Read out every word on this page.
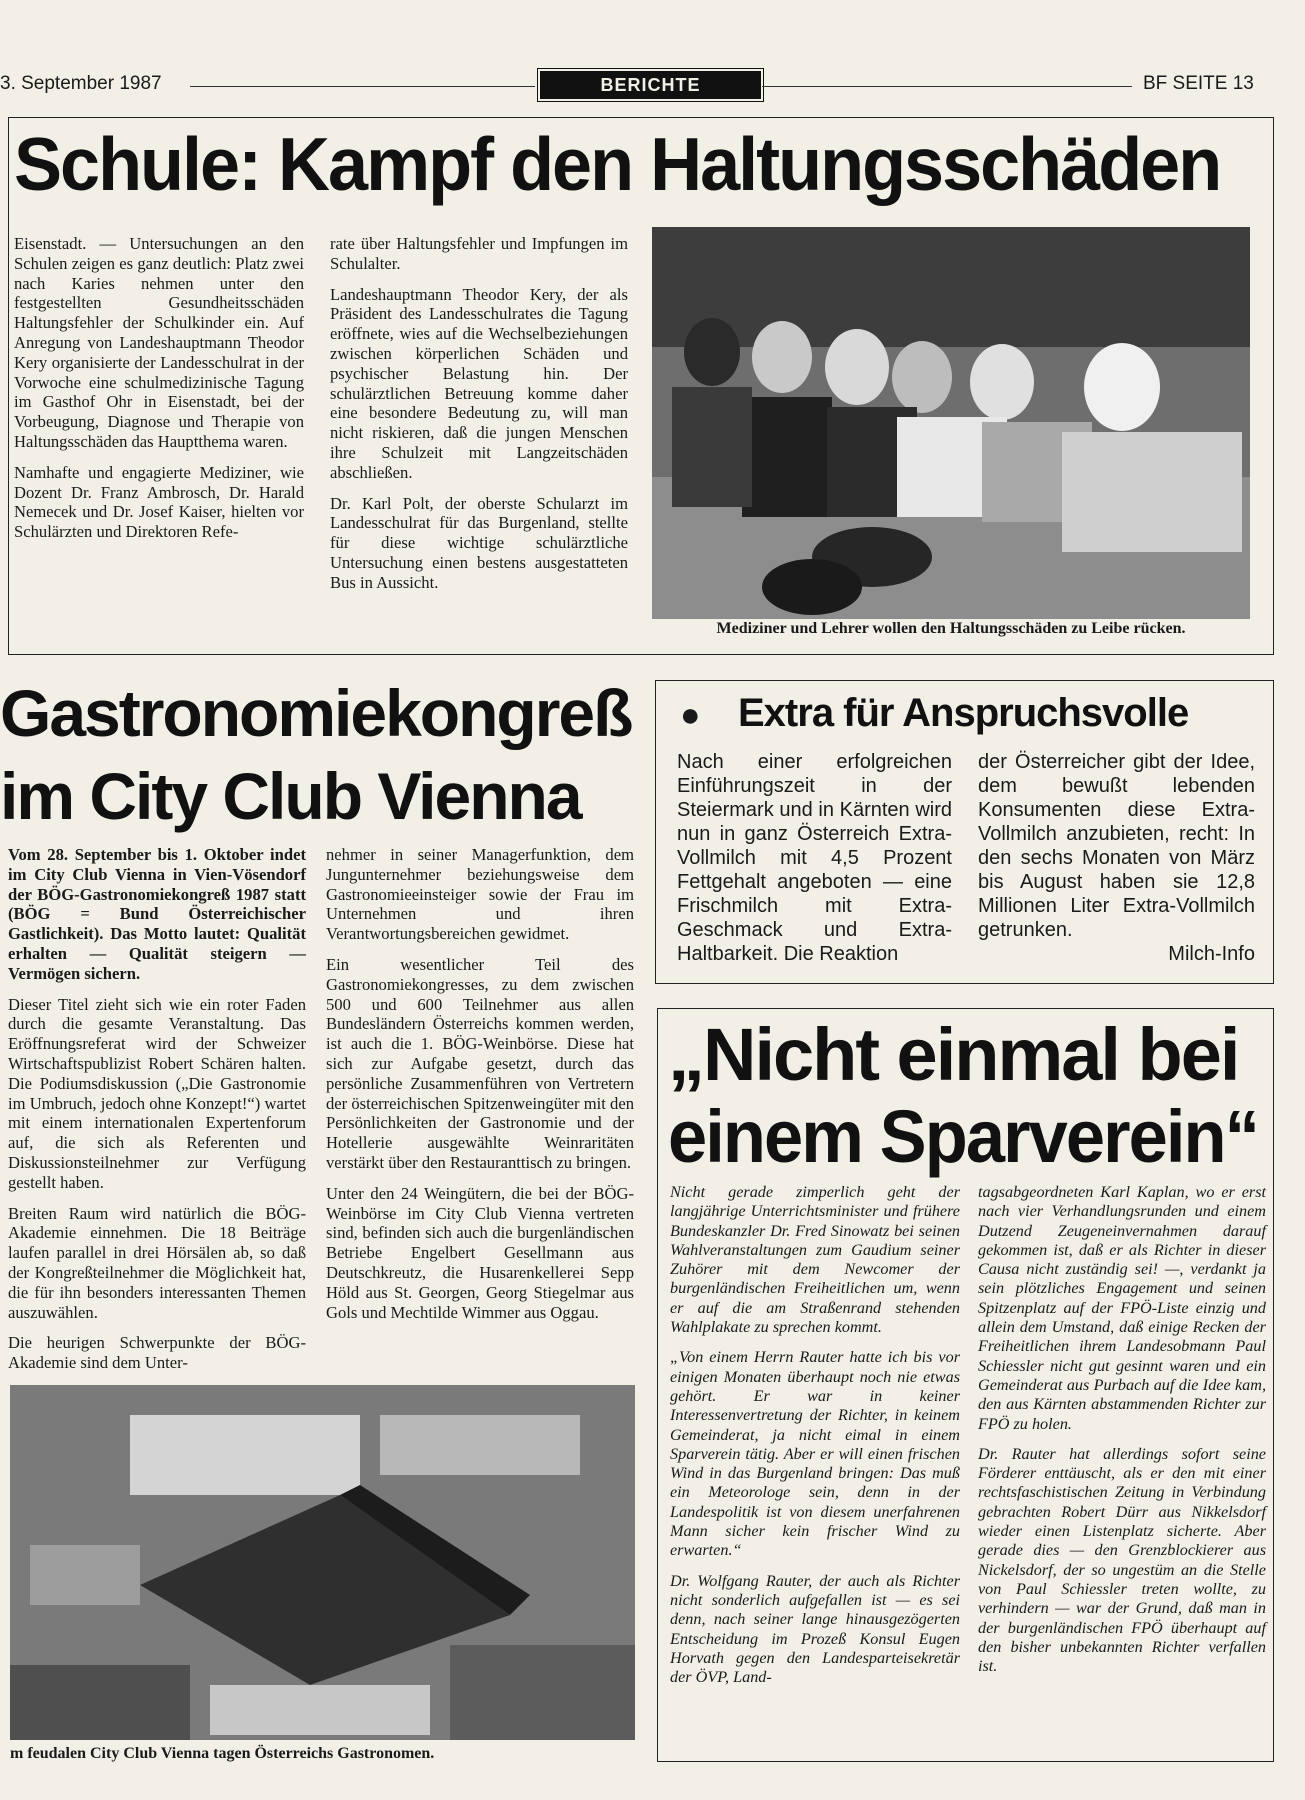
3. September 1987	BERICHTE	BF SEITE 13
Schule: Kampf den Haltungsschäden

Eisenstadt. — Untersuchungen an den Schulen zeigen es ganz deutlich: Platz zwei nach Karies nehmen unter den festgestellten Gesundheitsschäden Haltungsfehler der Schulkinder ein. Auf Anregung von Landeshauptmann Theodor Kery organisierte der Landesschulrat in der Vorwoche eine schulmedizinische Tagung im Gasthof Ohr in Eisenstadt, bei der Vorbeugung, Diagnose und Therapie von Haltungsschäden das Hauptthema waren.

Namhafte und engagierte Mediziner, wie Dozent Dr. Franz Ambrosch, Dr. Harald Nemecek und Dr. Josef Kaiser, hielten vor Schulärzten und Direktoren Refe-

rate über Haltungsfehler und Impfungen im Schulalter.

Landeshauptmann Theodor Kery, der als Präsident des Landesschulrates die Tagung eröffnete, wies auf die Wechselbeziehungen zwischen körperlichen Schäden und psychischer Belastung hin. Der schulärztlichen Betreuung komme daher eine besondere Bedeutung zu, will man nicht riskieren, daß die jungen Menschen ihre Schulzeit mit Langzeitschäden abschließen.

Dr. Karl Polt, der oberste Schularzt im Landesschulrat für das Burgenland, stellte für diese wichtige schulärztliche Untersuchung einen bestens ausgestatteten Bus in Aussicht.

Mediziner und Lehrer wollen den Haltungsschäden zu Leibe rücken.
Gastronomiekongreß
im City Club Vienna

Vom 28. September bis 1. Oktober indet im City Club Vienna in Vien-Vösendorf der BÖG-Gastronomiekongreß 1987 statt (BÖG = Bund Österreichischer Gastlichkeit). Das Motto lautet: Qualität erhalten — Qualität steigern — Vermögen sichern.

Dieser Titel zieht sich wie ein roter Faden durch die gesamte Veranstaltung. Das Eröffnungsreferat wird der Schweizer Wirtschaftspublizist Robert Schären halten. Die Podiumsdiskussion („Die Gastronomie im Umbruch, jedoch ohne Konzept!“) wartet mit einem internationalen Expertenforum auf, die sich als Referenten und Diskussionsteilnehmer zur Verfügung gestellt haben.

Breiten Raum wird natürlich die BÖG-Akademie einnehmen. Die 18 Beiträge laufen parallel in drei Hörsälen ab, so daß der Kongreßteilnehmer die Möglichkeit hat, die für ihn besonders interessanten Themen auszuwählen.

Die heurigen Schwerpunkte der BÖG-Akademie sind dem Unter-

nehmer in seiner Managerfunktion, dem Jungunternehmer beziehungsweise dem Gastronomieeinsteiger sowie der Frau im Unternehmen und ihren Verantwortungsbereichen gewidmet.

Ein wesentlicher Teil des Gastronomiekongresses, zu dem zwischen 500 und 600 Teilnehmer aus allen Bundesländern Österreichs kommen werden, ist auch die 1. BÖG-Weinbörse. Diese hat sich zur Aufgabe gesetzt, durch das persönliche Zusammenführen von Vertretern der österreichischen Spitzenweingüter mit den Persönlichkeiten der Gastronomie und der Hotellerie ausgewählte Weinraritäten verstärkt über den Restauranttisch zu bringen.

Unter den 24 Weingütern, die bei der BÖG-Weinbörse im City Club Vienna vertreten sind, befinden sich auch die burgenländischen Betriebe Engelbert Gesellmann aus Deutschkreutz, die Husarenkellerei Sepp Höld aus St. Georgen, Georg Stiegelmar aus Gols und Mechtilde Wimmer aus Oggau.

m feudalen City Club Vienna tagen Österreichs Gastronomen.
● Extra für Anspruchsvolle
Nach einer erfolgreichen Einführungszeit in der Steiermark und in Kärnten wird nun in ganz Österreich Extra-Vollmilch mit 4,5 Prozent Fettgehalt angeboten — eine Frischmilch mit Extra-Geschmack und Extra-Haltbarkeit. Die Reaktion
der Österreicher gibt der Idee, dem bewußt lebenden Konsumenten diese Extra-Vollmilch anzubieten, recht: In den sechs Monaten von März bis August haben sie 12,8 Millionen Liter Extra-Vollmilch getrunken.
Milch-Info
„Nicht einmal bei
einem Sparverein“

Nicht gerade zimperlich geht der langjährige Unterrichtsminister und frühere Bundeskanzler Dr. Fred Sinowatz bei seinen Wahlveranstaltungen zum Gaudium seiner Zuhörer mit dem Newcomer der burgenländischen Freiheitlichen um, wenn er auf die am Straßenrand stehenden Wahlplakate zu sprechen kommt.

„Von einem Herrn Rauter hatte ich bis vor einigen Monaten überhaupt noch nie etwas gehört. Er war in keiner Interessenvertretung der Richter, in keinem Gemeinderat, ja nicht eimal in einem Sparverein tätig. Aber er will einen frischen Wind in das Burgenland bringen: Das muß ein Meteorologe sein, denn in der Landespolitik ist von diesem unerfahrenen Mann sicher kein frischer Wind zu erwarten.“

Dr. Wolfgang Rauter, der auch als Richter nicht sonderlich aufgefallen ist — es sei denn, nach seiner lange hinausgezögerten Entscheidung im Prozeß Konsul Eugen Horvath gegen den Landesparteisekretär der ÖVP, Land-

tagsabgeordneten Karl Kaplan, wo er erst nach vier Verhandlungsrunden und einem Dutzend Zeugeneinvernahmen darauf gekommen ist, daß er als Richter in dieser Causa nicht zuständig sei! —, verdankt ja sein plötzliches Engagement und seinen Spitzenplatz auf der FPÖ-Liste einzig und allein dem Umstand, daß einige Recken der Freiheitlichen ihrem Landesobmann Paul Schiessler nicht gut gesinnt waren und ein Gemeinderat aus Purbach auf die Idee kam, den aus Kärnten abstammenden Richter zur FPÖ zu holen.

Dr. Rauter hat allerdings sofort seine Förderer enttäuscht, als er den mit einer rechtsfaschistischen Zeitung in Verbindung gebrachten Robert Dürr aus Nikkelsdorf wieder einen Listenplatz sicherte. Aber gerade dies — den Grenzblockierer aus Nickelsdorf, der so ungestüm an die Stelle von Paul Schiessler treten wollte, zu verhindern — war der Grund, daß man in der burgenländischen FPÖ überhaupt auf den bisher unbekannten Richter verfallen ist.
